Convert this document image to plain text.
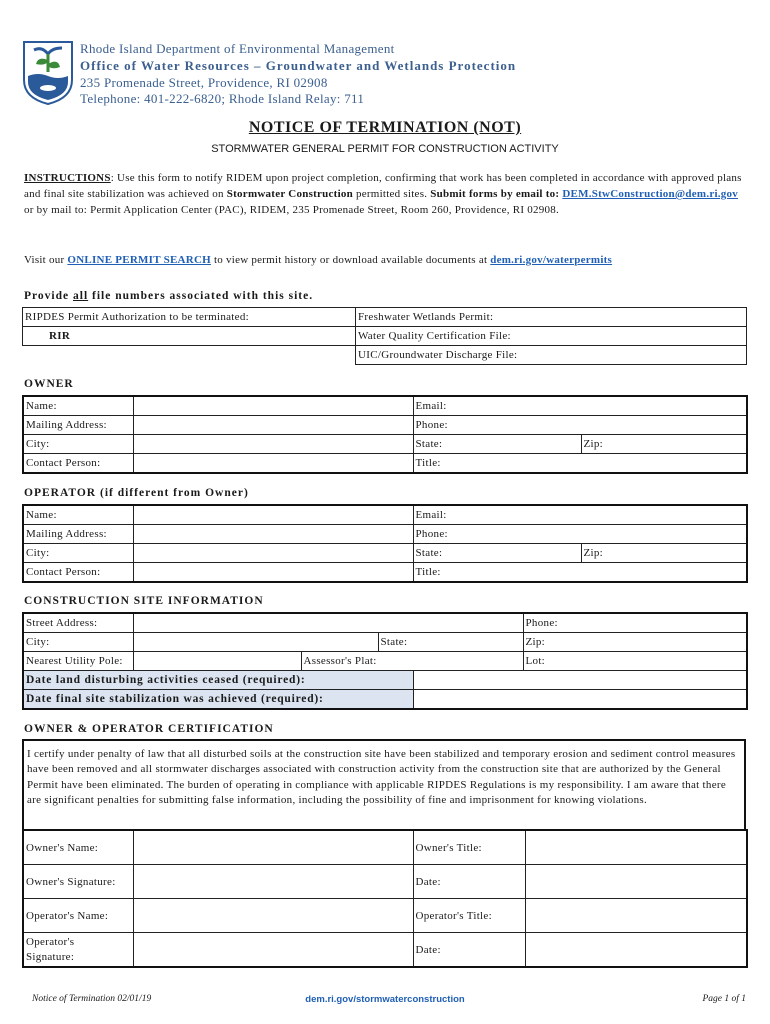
Rhode Island Department of Environmental Management
Office of Water Resources – Groundwater and Wetlands Protection
235 Promenade Street, Providence, RI 02908
Telephone: 401-222-6820; Rhode Island Relay: 711
NOTICE OF TERMINATION (NOT)
STORMWATER GENERAL PERMIT FOR CONSTRUCTION ACTIVITY
INSTRUCTIONS: Use this form to notify RIDEM upon project completion, confirming that work has been completed in accordance with approved plans and final site stabilization was achieved on Stormwater Construction permitted sites. Submit forms by email to: DEM.StwConstruction@dem.ri.gov or by mail to: Permit Application Center (PAC), RIDEM, 235 Promenade Street, Room 260, Providence, RI 02908.
Visit our ONLINE PERMIT SEARCH to view permit history or download available documents at dem.ri.gov/waterpermits
Provide all file numbers associated with this site.
RIPDES Permit Authorization to be terminated:	Freshwater Wetlands Permit:
RIR	Water Quality Certification File:
	UIC/Groundwater Discharge File:
OWNER
Name:		Email:	
Mailing Address:		Phone:	
City:		State:	Zip:
Contact Person:		Title:	
OPERATOR (if different from Owner)
Name:		Email:	
Mailing Address:		Phone:	
City:		State:	Zip:
Contact Person:		Title:	
CONSTRUCTION SITE INFORMATION
Street Address:					Phone:
City:			State:		Zip:
Nearest Utility Pole:		Assessor's Plat:			Lot:
Date land disturbing activities ceased (required):					
Date final site stabilization was achieved (required):					
OWNER & OPERATOR CERTIFICATION
I certify under penalty of law that all disturbed soils at the construction site have been stabilized and temporary erosion and sediment control measures have been removed and all stormwater discharges associated with construction activity from the construction site that are authorized by the General Permit have been eliminated. The burden of operating in compliance with applicable RIPDES Regulations is my responsibility. I am aware that there are significant penalties for submitting false information, including the possibility of fine and imprisonment for knowing violations.
Owner's Name:		Owner's Title:	
Owner's Signature:		Date:	
Operator's Name:		Operator's Title:	
Operator's
Signature:		Date:	
Notice of Termination 02/01/19	dem.ri.gov/stormwaterconstruction	Page 1 of 1
